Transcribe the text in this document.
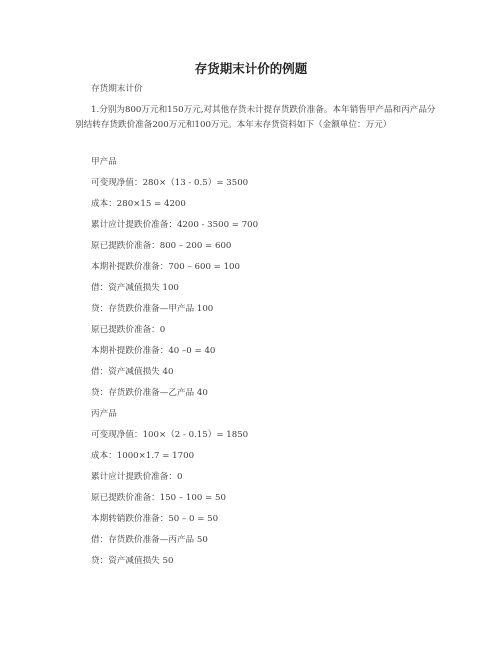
存货期末计价的例题
存货期末计价
1.分别为800万元和150万元,对其他存货未计提存货跌价准备。本年销售甲产品和丙产品分别结转存货跌价准备200万元和100万元。本年末存货资料如下（金额单位：万元）
甲产品
可变现净值：280×（13 - 0.5）= 3500
成本：280×15 = 4200
累计应计提跌价准备：4200 - 3500 = 700
原已提跌价准备：800 – 200 = 600
本期补提跌价准备：700 – 600 = 100
借：资产减值损失 100
贷：存货跌价准备—甲产品 100
原已提跌价准备：0
本期补提跌价准备：40 –0 = 40
借：资产减值损失 40
贷：存货跌价准备—乙产品 40
丙产品
可变现净值：100×（2 - 0.15）= 1850
成本：1000×1.7 = 1700
累计应计提跌价准备：0
原已提跌价准备：150 – 100 = 50
本期转销跌价准备：50 – 0 = 50
借：存货跌价准备—丙产品 50
贷：资产减值损失 50
